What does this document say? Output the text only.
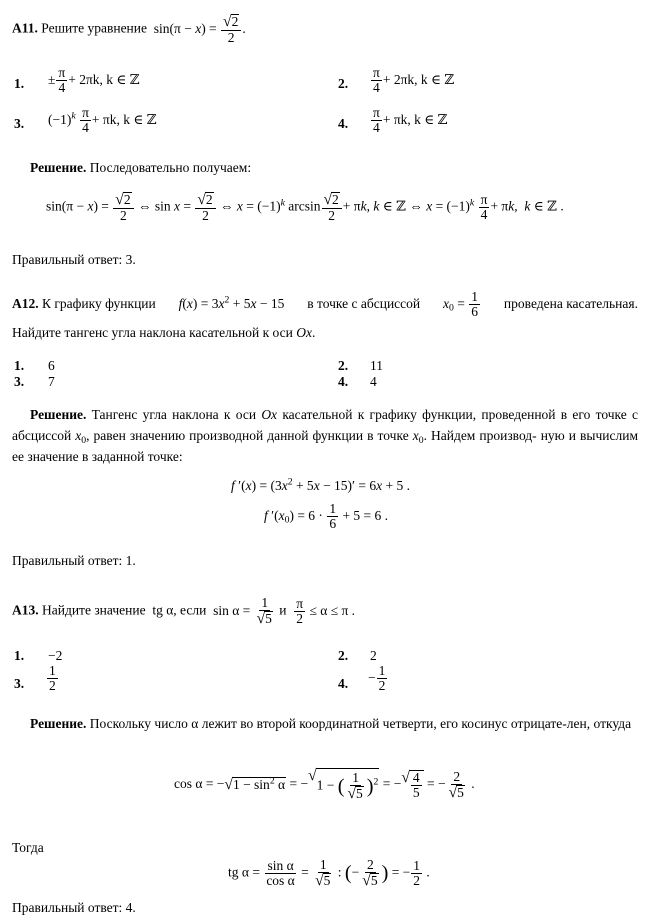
A11. Решите уравнение  $\sin(\pi - x) = \frac{√ 2}{2}$ .
1. ± $\frac{\pi}{4} + 2\pi k$, k ∈ ℤ	2. $\frac{\pi}{4} + 2\pi k$, k ∈ ℤ
3. $(-1)^k \frac{\pi}{4} + \pi k$, k ∈ ℤ	4. $\frac{\pi}{4} + \pi k$, k ∈ ℤ
Решение. Последовательно получаем:
$\sin(\pi - x) = \frac{√ 2}{2}$ ⇔ $\sin x = \frac{√ 2}{2}$ ⇔ $x = (-1)^k$ $\arcsin \frac{√ 2}{2} + \pi k$, k ∈ ℤ ⇔ $x = (-1)^k \frac{\pi}{4} + \pi k$,  k ∈ ℤ .
Правильный ответ: 3.
A12. К графику функции $f(x) = 3x^2 + 5x - 15$ в точке с абсциссой $x_0 = \frac{1}{6}$ проведена касательная.
Найдите тангенс угла наклона касательной к оси Ox.
1. 6	2. 11
3. 7	4. 4
Решение. Тангенс угла наклона к оси Ox касательной к графику функции, проведенной в его точке с абсциссой $x_0$, равен значению производной данной функции в точке $x_0$. Найдем производ- ную и вычислим ее значение в заданной точке:
f $'(x) = (3x^2 + 5x - 15)' = 6x + 5$ .
f $'(x_0) = 6 \cdot \frac{1}{6} + 5 = 6$ .
Правильный ответ: 1.
A13. Найдите значение  tg α, если  $\sin \alpha = \frac{1}{√ 5}$ и $\frac{\pi}{2} \le \alpha \le \pi$ .
1. −2	2. 2
3. $\frac{1}{2}$	4. − $\frac{1}{2}$
Решение. Поскольку число α лежит во второй координатной четверти, его косинус отрицате-лен, откуда
cos α = − √ $1 - \sin^2 \alpha$ = − √
1 − ( $\frac{1}{√ 5} )^2$ = − √ $\frac{4}{5}$ = − $\frac{2}{√ 5}$ .
Тогда
tg $\alpha = \frac{\text{sin α}}{\text{cos α}} = \frac{1}{√ 5}$ : (− $\frac{2}{√ 5}$ ) = − $\frac{1}{2}$ .
Правильный ответ: 4.
